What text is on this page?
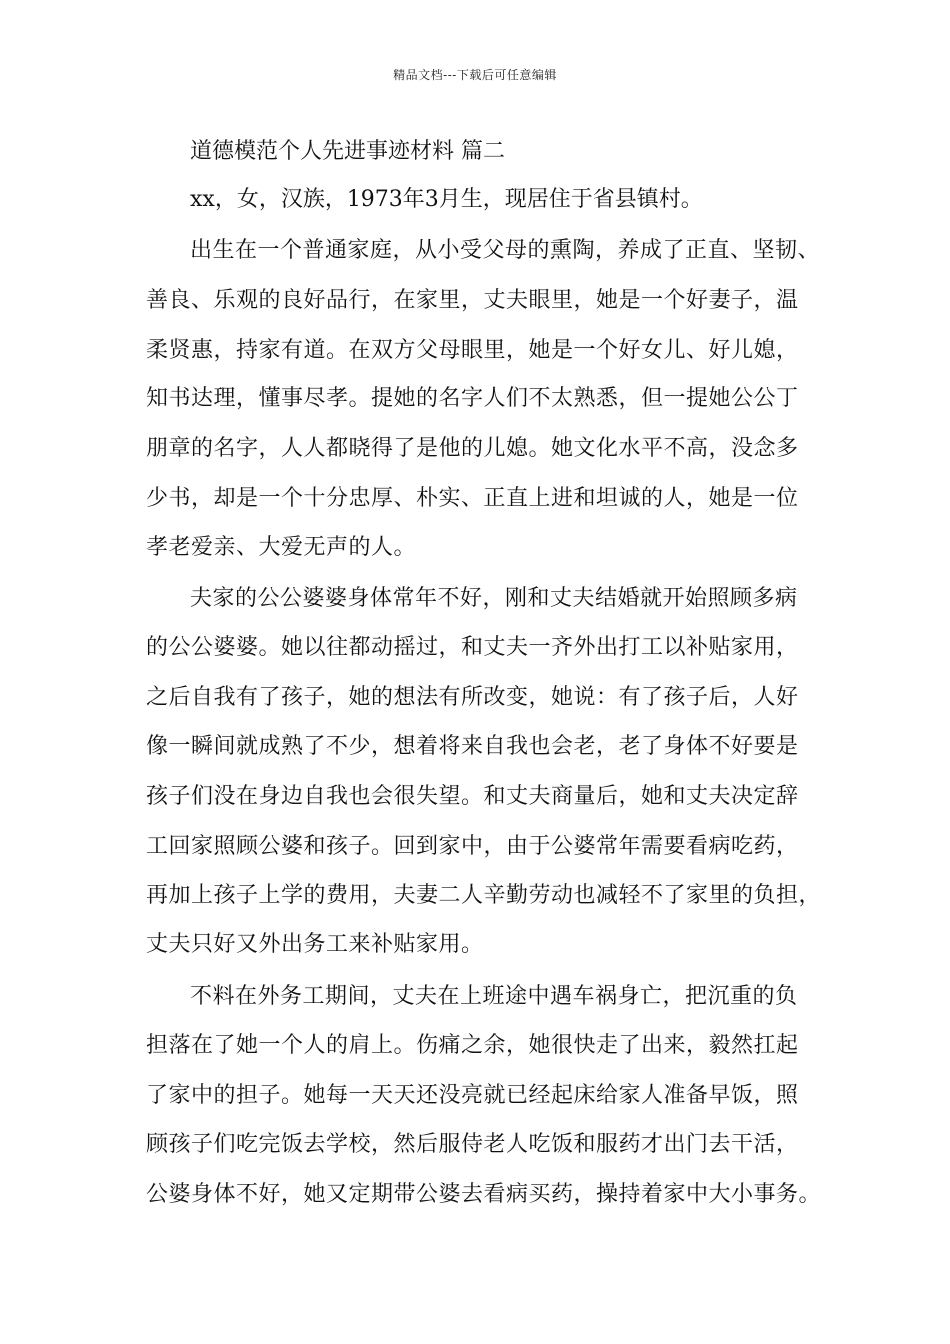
精品文档---下载后可任意编辑
道德模范个人先进事迹材料 篇二
xx，女，汉族，1973年3月生，现居住于省县镇村。
出生在一个普通家庭，从小受父母的熏陶，养成了正直、坚韧、
善良、乐观的良好品行，在家里，丈夫眼里，她是一个好妻子，温
柔贤惠，持家有道。在双方父母眼里，她是一个好女儿、好儿媳，
知书达理，懂事尽孝。提她的名字人们不太熟悉，但一提她公公丁
朋章的名字，人人都晓得了是他的儿媳。她文化水平不高，没念多
少书，却是一个十分忠厚、朴实、正直上进和坦诚的人，她是一位
孝老爱亲、大爱无声的人。
夫家的公公婆婆身体常年不好，刚和丈夫结婚就开始照顾多病
的公公婆婆。她以往都动摇过，和丈夫一齐外出打工以补贴家用，
之后自我有了孩子，她的想法有所改变，她说：有了孩子后，人好
像一瞬间就成熟了不少，想着将来自我也会老，老了身体不好要是
孩子们没在身边自我也会很失望。和丈夫商量后，她和丈夫决定辞
工回家照顾公婆和孩子。回到家中，由于公婆常年需要看病吃药，
再加上孩子上学的费用，夫妻二人辛勤劳动也减轻不了家里的负担，
丈夫只好又外出务工来补贴家用。
不料在外务工期间，丈夫在上班途中遇车祸身亡，把沉重的负
担落在了她一个人的肩上。伤痛之余，她很快走了出来，毅然扛起
了家中的担子。她每一天天还没亮就已经起床给家人准备早饭，照
顾孩子们吃完饭去学校，然后服侍老人吃饭和服药才出门去干活，
公婆身体不好，她又定期带公婆去看病买药，操持着家中大小事务。
